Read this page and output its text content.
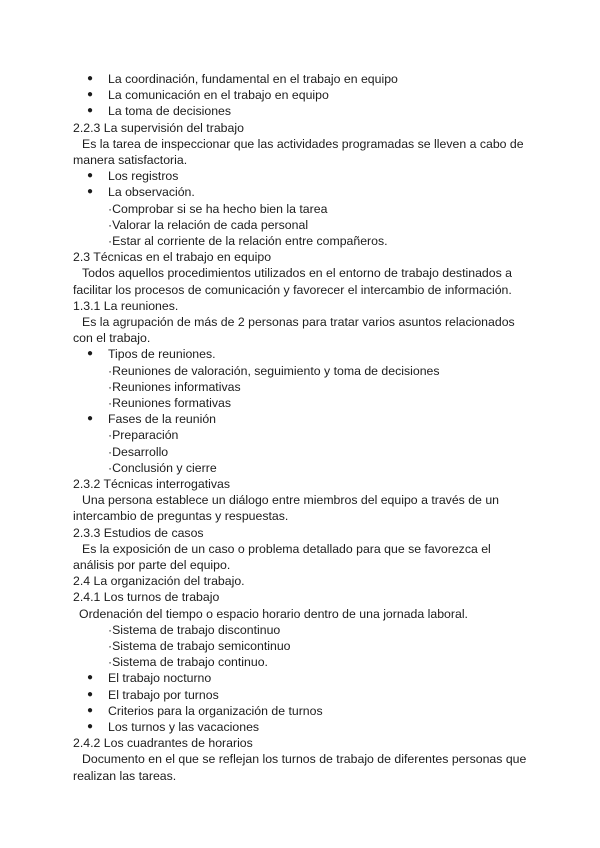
● La coordinación, fundamental en el trabajo en equipo
● La comunicación en el trabajo en equipo
● La toma de decisiones
2.2.3 La supervisión del trabajo
Es la tarea de inspeccionar que las actividades programadas se lleven a cabo de
manera satisfactoria.
● Los registros
● La observación.
·Comprobar si se ha hecho bien la tarea
·Valorar la relación de cada personal
·Estar al corriente de la relación entre compañeros.
2.3 Técnicas en el trabajo en equipo
Todos aquellos procedimientos utilizados en el entorno de trabajo destinados a
facilitar los procesos de comunicación y favorecer el intercambio de información.
1.3.1 La reuniones.
Es la agrupación de más de 2 personas para tratar varios asuntos relacionados
con el trabajo.
● Tipos de reuniones.
·Reuniones de valoración, seguimiento y toma de decisiones
·Reuniones informativas
·Reuniones formativas
● Fases de la reunión
·Preparación
·Desarrollo
·Conclusión y cierre
2.3.2 Técnicas interrogativas
Una persona establece un diálogo entre miembros del equipo a través de un
intercambio de preguntas y respuestas.
2.3.3 Estudios de casos
Es la exposición de un caso o problema detallado para que se favorezca el
análisis por parte del equipo.
2.4 La organización del trabajo.
2.4.1 Los turnos de trabajo
Ordenación del tiempo o espacio horario dentro de una jornada laboral.
·Sistema de trabajo discontinuo
·Sistema de trabajo semicontinuo
·Sistema de trabajo continuo.
● El trabajo nocturno
● El trabajo por turnos
● Criterios para la organización de turnos
● Los turnos y las vacaciones
2.4.2 Los cuadrantes de horarios
Documento en el que se reflejan los turnos de trabajo de diferentes personas que
realizan las tareas.
